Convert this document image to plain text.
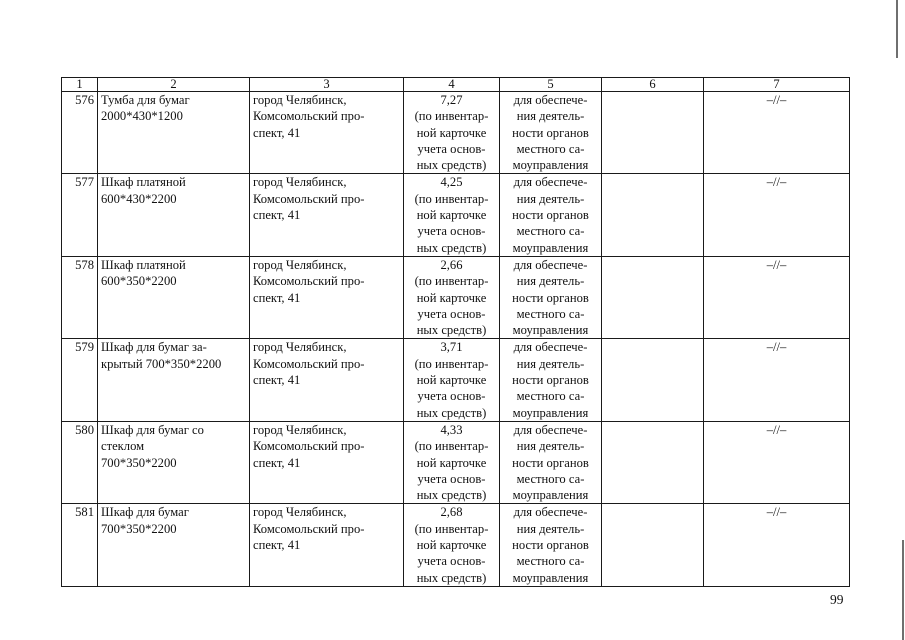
1	2	3	4	5	6	7
576	Тумба для бумаг
2000*430*1200	город Челябинск,
Комсомольский про-
спект, 41	7,27
(по инвентар-
ной карточке
учета основ-
ных средств)	для обеспече-
ния деятель-
ности органов
местного са-
моуправления		–//–
577	Шкаф платяной
600*430*2200	город Челябинск,
Комсомольский про-
спект, 41	4,25
(по инвентар-
ной карточке
учета основ-
ных средств)	для обеспече-
ния деятель-
ности органов
местного са-
моуправления		–//–
578	Шкаф платяной
600*350*2200	город Челябинск,
Комсомольский про-
спект, 41	2,66
(по инвентар-
ной карточке
учета основ-
ных средств)	для обеспече-
ния деятель-
ности органов
местного са-
моуправления		–//–
579	Шкаф для бумаг за-
крытый 700*350*2200	город Челябинск,
Комсомольский про-
спект, 41	3,71
(по инвентар-
ной карточке
учета основ-
ных средств)	для обеспече-
ния деятель-
ности органов
местного са-
моуправления		–//–
580	Шкаф для бумаг со
стеклом
700*350*2200	город Челябинск,
Комсомольский про-
спект, 41	4,33
(по инвентар-
ной карточке
учета основ-
ных средств)	для обеспече-
ния деятель-
ности органов
местного са-
моуправления		–//–
581	Шкаф для бумаг
700*350*2200	город Челябинск,
Комсомольский про-
спект, 41	2,68
(по инвентар-
ной карточке
учета основ-
ных средств)	для обеспече-
ния деятель-
ности органов
местного са-
моуправления		–//–
99
